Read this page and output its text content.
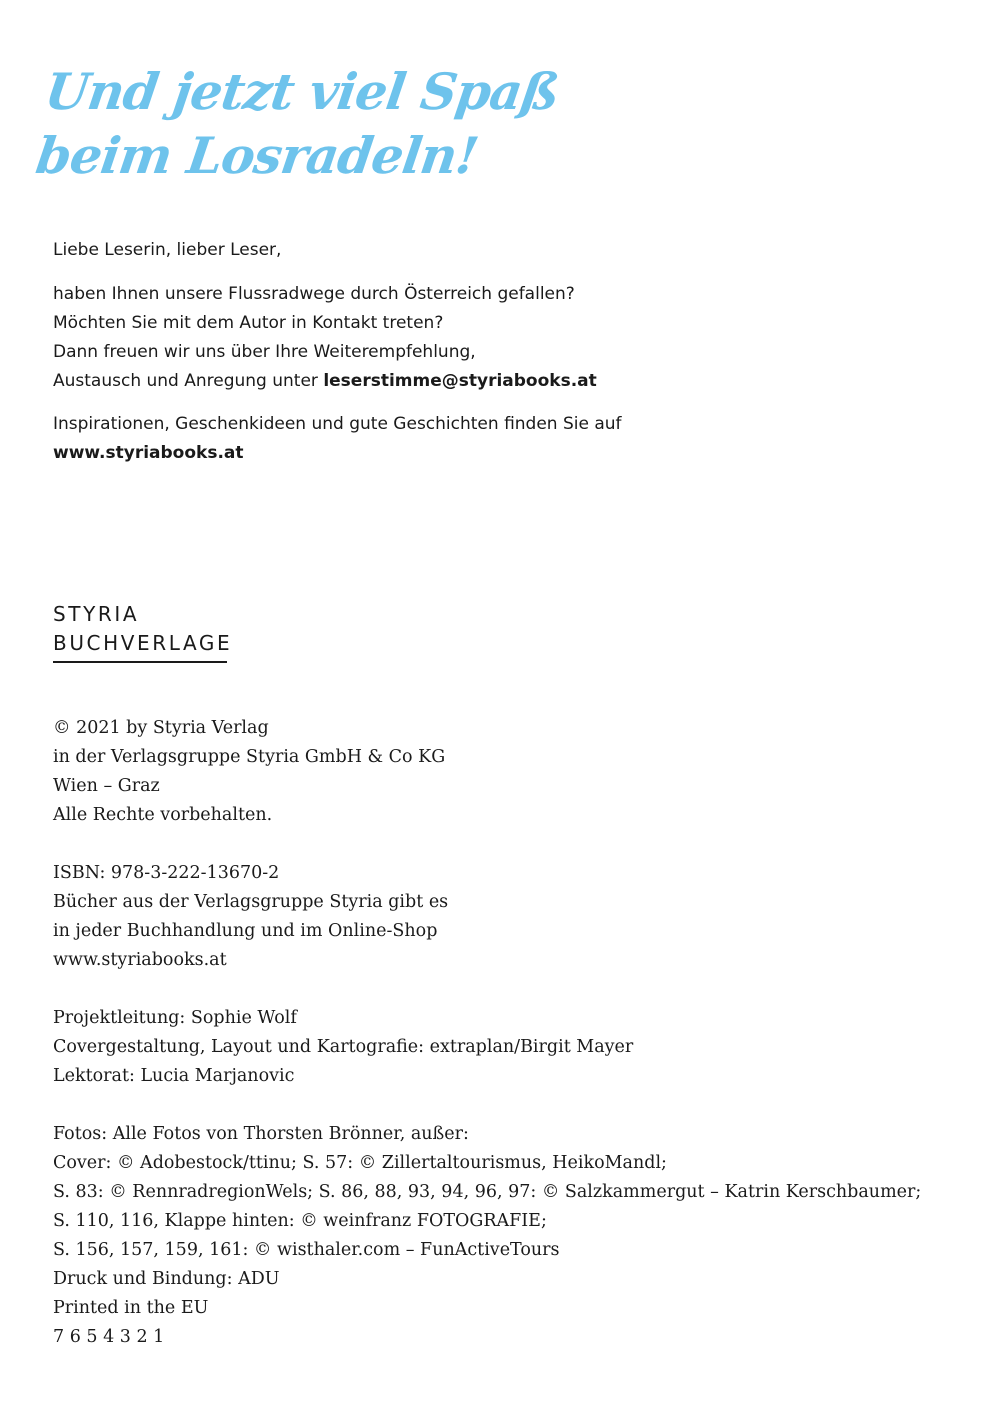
Und jetzt viel Spaß
beim Losradeln!
Liebe Leserin, lieber Leser,
haben Ihnen unsere Flussradwege durch Österreich gefallen?
Möchten Sie mit dem Autor in Kontakt treten?
Dann freuen wir uns über Ihre Weiterempfehlung,
Austausch und Anregung unter leserstimme@styriabooks.at
Inspirationen, Geschenkideen und gute Geschichten finden Sie auf
www.styriabooks.at
STYRIA
BUCHVERLAGE
© 2021 by Styria Verlag
in der Verlagsgruppe Styria GmbH & Co KG
Wien – Graz
Alle Rechte vorbehalten.
ISBN: 978-3-222-13670-2
Bücher aus der Verlagsgruppe Styria gibt es
in jeder Buchhandlung und im Online-Shop
www.styriabooks.at
Projektleitung: Sophie Wolf
Covergestaltung, Layout und Kartografie: extraplan/Birgit Mayer
Lektorat: Lucia Marjanovic
Fotos: Alle Fotos von Thorsten Brönner, außer:
Cover: © Adobestock/ttinu; S. 57: © Zillertaltourismus, HeikoMandl;
S. 83: © RennradregionWels; S. 86, 88, 93, 94, 96, 97: © Salzkammergut – Katrin Kerschbaumer;
S. 110, 116, Klappe hinten: © weinfranz FOTOGRAFIE;
S. 156, 157, 159, 161: © wisthaler.com – FunActiveTours
Druck und Bindung: ADU
Printed in the EU
7 6 5 4 3 2 1
